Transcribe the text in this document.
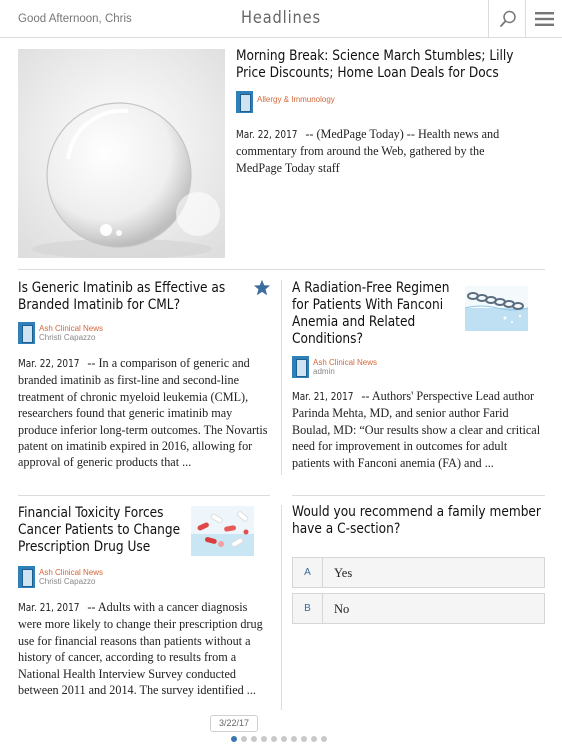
Good Afternoon, Chris	Headlines
Morning Break: Science March Stumbles; Lilly
Price Discounts; Home Loan Deals for Docs
Allergy & Immunology
Mar. 22, 2017 -- (MedPage Today) -- Health news and commentary from around the Web, gathered by the MedPage Today staff
Is Generic Imatinib as Effective as
Branded Imatinib for CML?
Ash Clinical News
Christi Capazzo
Mar. 22, 2017 -- In a comparison of generic and branded imatinib as first-line and second-line treatment of chronic myeloid leukemia (CML), researchers found that generic imatinib may produce inferior long-term outcomes. The Novartis patent on imatinib expired in 2016, allowing for approval of generic products that ...
A Radiation-Free Regimen
for Patients With Fanconi
Anemia and Related
Conditions?
Ash Clinical News
admin
Mar. 21, 2017 -- Authors' Perspective Lead author Parinda Mehta, MD, and senior author Farid Boulad, MD: “Our results show a clear and critical need for improvement in outcomes for adult patients with Fanconi anemia (FA) and ...
Financial Toxicity Forces
Cancer Patients to Change
Prescription Drug Use
Ash Clinical News
Christi Capazzo
Mar. 21, 2017 -- Adults with a cancer diagnosis were more likely to change their prescription drug use for financial reasons than patients without a history of cancer, according to results from a National Health Interview Survey conducted between 2011 and 2014. The survey identified ...
Would you recommend a family member
have a C-section?
A	Yes
B	No
3/22/17
